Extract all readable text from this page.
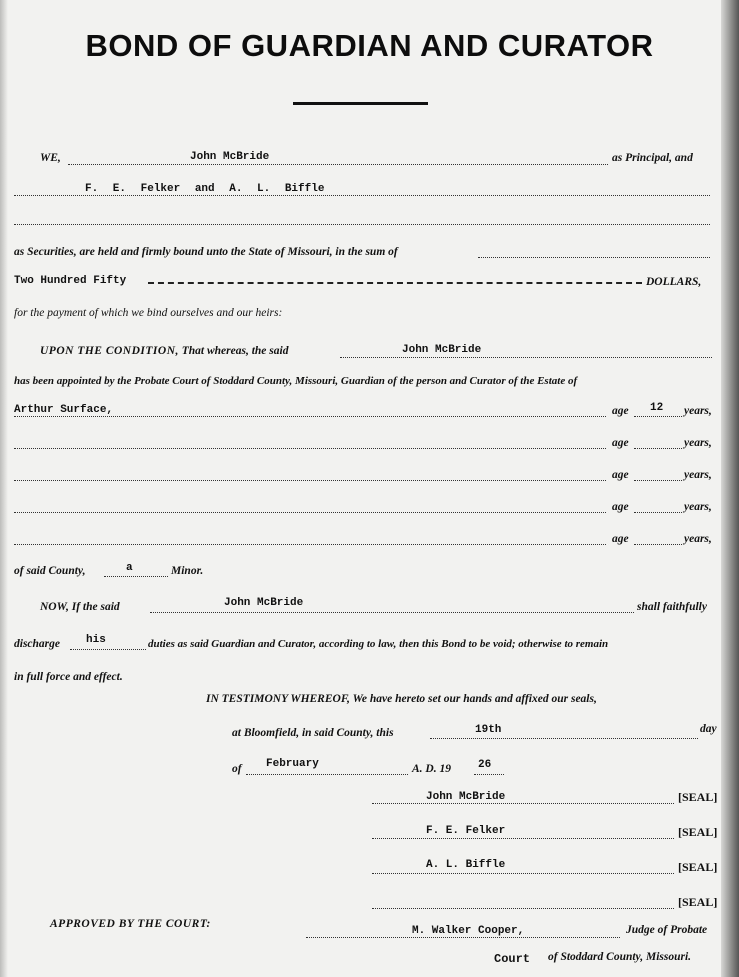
BOND OF GUARDIAN AND CURATOR
WE,	John McBride	as Principal, and
F. E. Felker and A. L. Biffle
as Securities, are held and firmly bound unto the State of Missouri, in the sum of
Two Hundred Fifty	DOLLARS,
for the payment of which we bind ourselves and our heirs:
UPON THE CONDITION, That whereas, the said	John McBride
has been appointed by the Probate Court of Stoddard County, Missouri, Guardian of the person and Curator of the Estate of
Arthur Surface,	age 12 years,
age	years,
age	years,
age	years,
age	years,
of said County,	a	Minor.
NOW, If the said	John McBride	shall faithfully
discharge his	duties as said Guardian and Curator, according to law, then this Bond to be void; otherwise to remain
in full force and effect.
IN TESTIMONY WHEREOF, We have hereto set our hands and affixed our seals,
at Bloomfield, in said County, this	19th	day
of February	A. D. 19 26
John McBride	[SEAL]
F. E. Felker	[SEAL]
A. L. Biffle	[SEAL]
[SEAL]
APPROVED BY THE COURT:
M. Walker Cooper,	Judge of Probate
Court of Stoddard County, Missouri.
